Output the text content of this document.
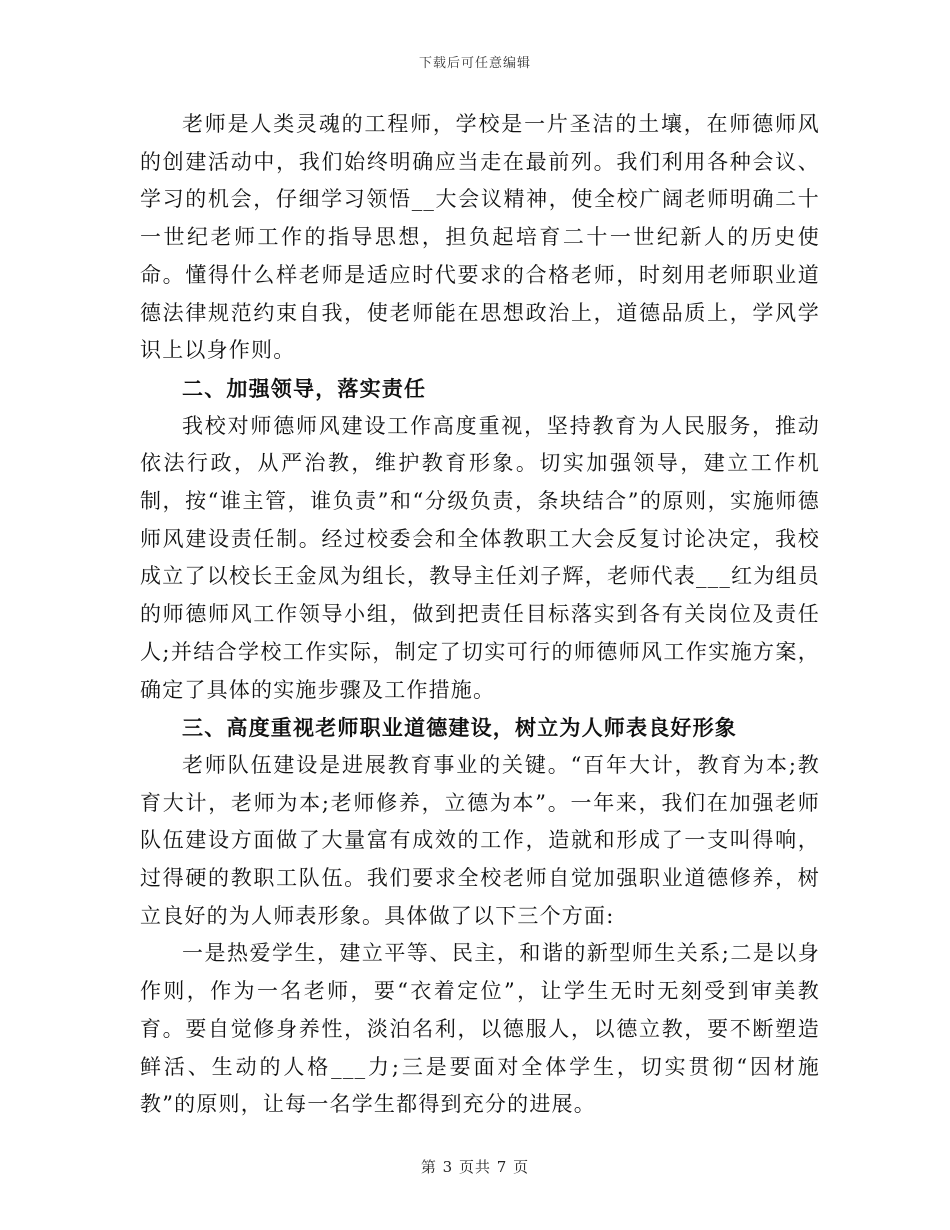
下载后可任意编辑

老师是人类灵魂的工程师，学校是一片圣洁的土壤，在师德师风的创建活动中，我们始终明确应当走在最前列。我们利用各种会议、学习的机会，仔细学习领悟__大会议精神，使全校广阔老师明确二十一世纪老师工作的指导思想，担负起培育二十一世纪新人的历史使命。懂得什么样老师是适应时代要求的合格老师，时刻用老师职业道德法律规范约束自我，使老师能在思想政治上，道德品质上，学风学识上以身作则。

二、加强领导，落实责任

我校对师德师风建设工作高度重视，坚持教育为人民服务，推动依法行政，从严治教，维护教育形象。切实加强领导，建立工作机制，按“谁主管，谁负责”和“分级负责，条块结合”的原则，实施师德师风建设责任制。经过校委会和全体教职工大会反复讨论决定，我校成立了以校长王金凤为组长，教导主任刘子辉，老师代表___红为组员的师德师风工作领导小组，做到把责任目标落实到各有关岗位及责任人;并结合学校工作实际，制定了切实可行的师德师风工作实施方案，确定了具体的实施步骤及工作措施。

三、高度重视老师职业道德建设，树立为人师表良好形象

老师队伍建设是进展教育事业的关键。“百年大计，教育为本;教育大计，老师为本;老师修养，立德为本”。一年来，我们在加强老师队伍建设方面做了大量富有成效的工作，造就和形成了一支叫得响，过得硬的教职工队伍。我们要求全校老师自觉加强职业道德修养，树立良好的为人师表形象。具体做了以下三个方面:

一是热爱学生，建立平等、民主，和谐的新型师生关系;二是以身作则，作为一名老师，要“衣着定位”，让学生无时无刻受到审美教育。要自觉修身养性，淡泊名利，以德服人，以德立教，要不断塑造鲜活、生动的人格___力;三是要面对全体学生，切实贯彻“因材施教”的原则，让每一名学生都得到充分的进展。

第 3 页共 7 页
